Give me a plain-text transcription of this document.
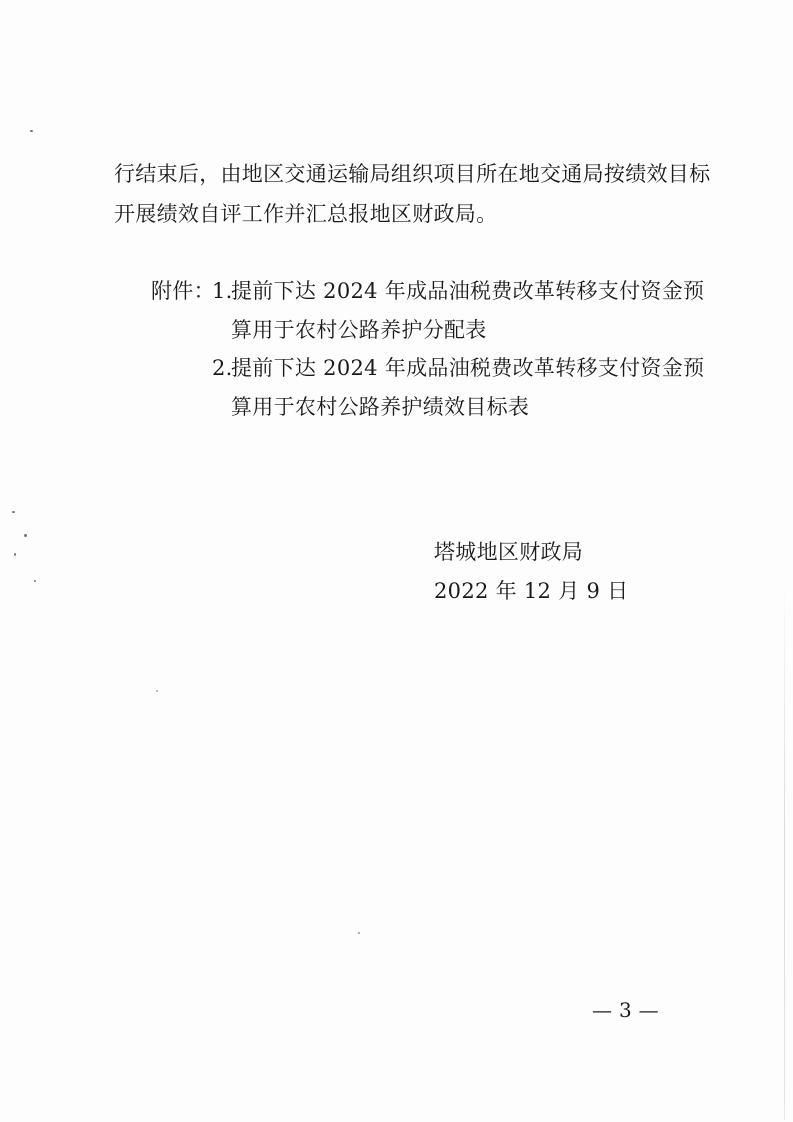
行结束后，由地区交通运输局组织项目所在地交通局按绩效目标
开展绩效自评工作并汇总报地区财政局。
附件：
1.
提前下达 2024 年成品油税费改革转移支付资金预
算用于农村公路养护分配表
2.
提前下达 2024 年成品油税费改革转移支付资金预
算用于农村公路养护绩效目标表
塔城地区财政局
2022 年 12 月 9 日
— 3 —
